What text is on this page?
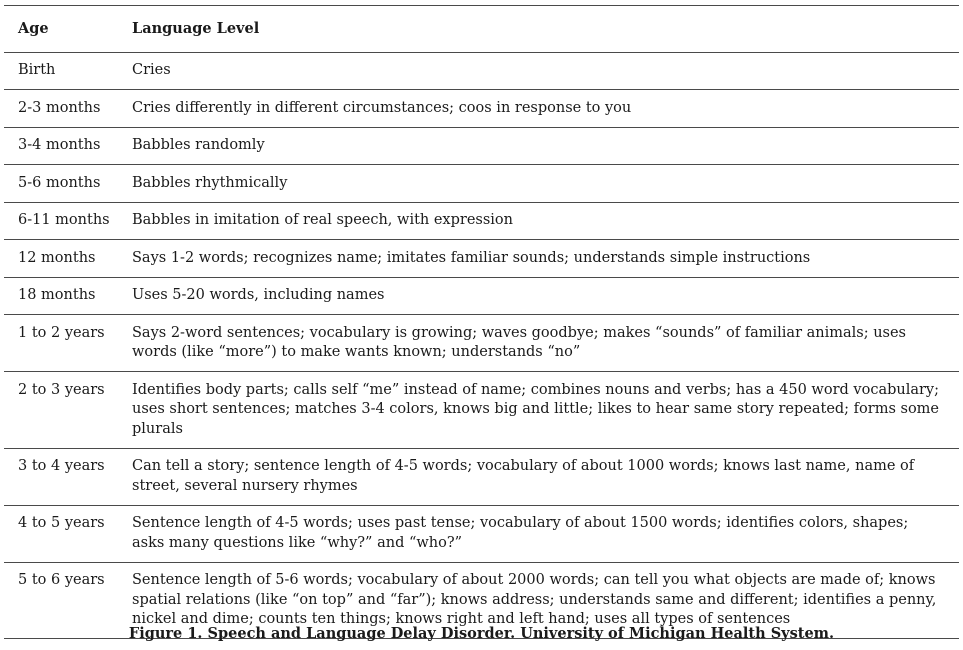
Age	Language Level
Birth	Cries
2-3 months	Cries differently in different circumstances; coos in response to you
3-4 months	Babbles randomly
5-6 months	Babbles rhythmically
6-11 months	Babbles in imitation of real speech, with expression
12 months	Says 1-2 words; recognizes name; imitates familiar sounds; understands simple instructions
18 months	Uses 5-20 words, including names
1 to 2 years	Says 2-word sentences; vocabulary is growing; waves goodbye; makes “sounds” of familiar animals; uses words (like “more”) to make wants known; understands “no”
2 to 3 years	Identifies body parts; calls self “me” instead of name; combines nouns and verbs; has a 450 word vocabulary; uses short sentences; matches 3-4 colors, knows big and little; likes to hear same story repeated; forms some plurals
3 to 4 years	Can tell a story; sentence length of 4-5 words; vocabulary of about 1000 words; knows last name, name of street, several nursery rhymes
4 to 5 years	Sentence length of 4-5 words; uses past tense; vocabulary of about 1500 words; identifies colors, shapes; asks many questions like “why?” and “who?”
5 to 6 years	Sentence length of 5-6 words; vocabulary of about 2000 words; can tell you what objects are made of; knows spatial relations (like “on top” and “far”); knows address; understands same and different; identifies a penny, nickel and dime; counts ten things; knows right and left hand; uses all types of sentences
Figure 1. Speech and Language Delay Disorder. University of Michigan Health System.
